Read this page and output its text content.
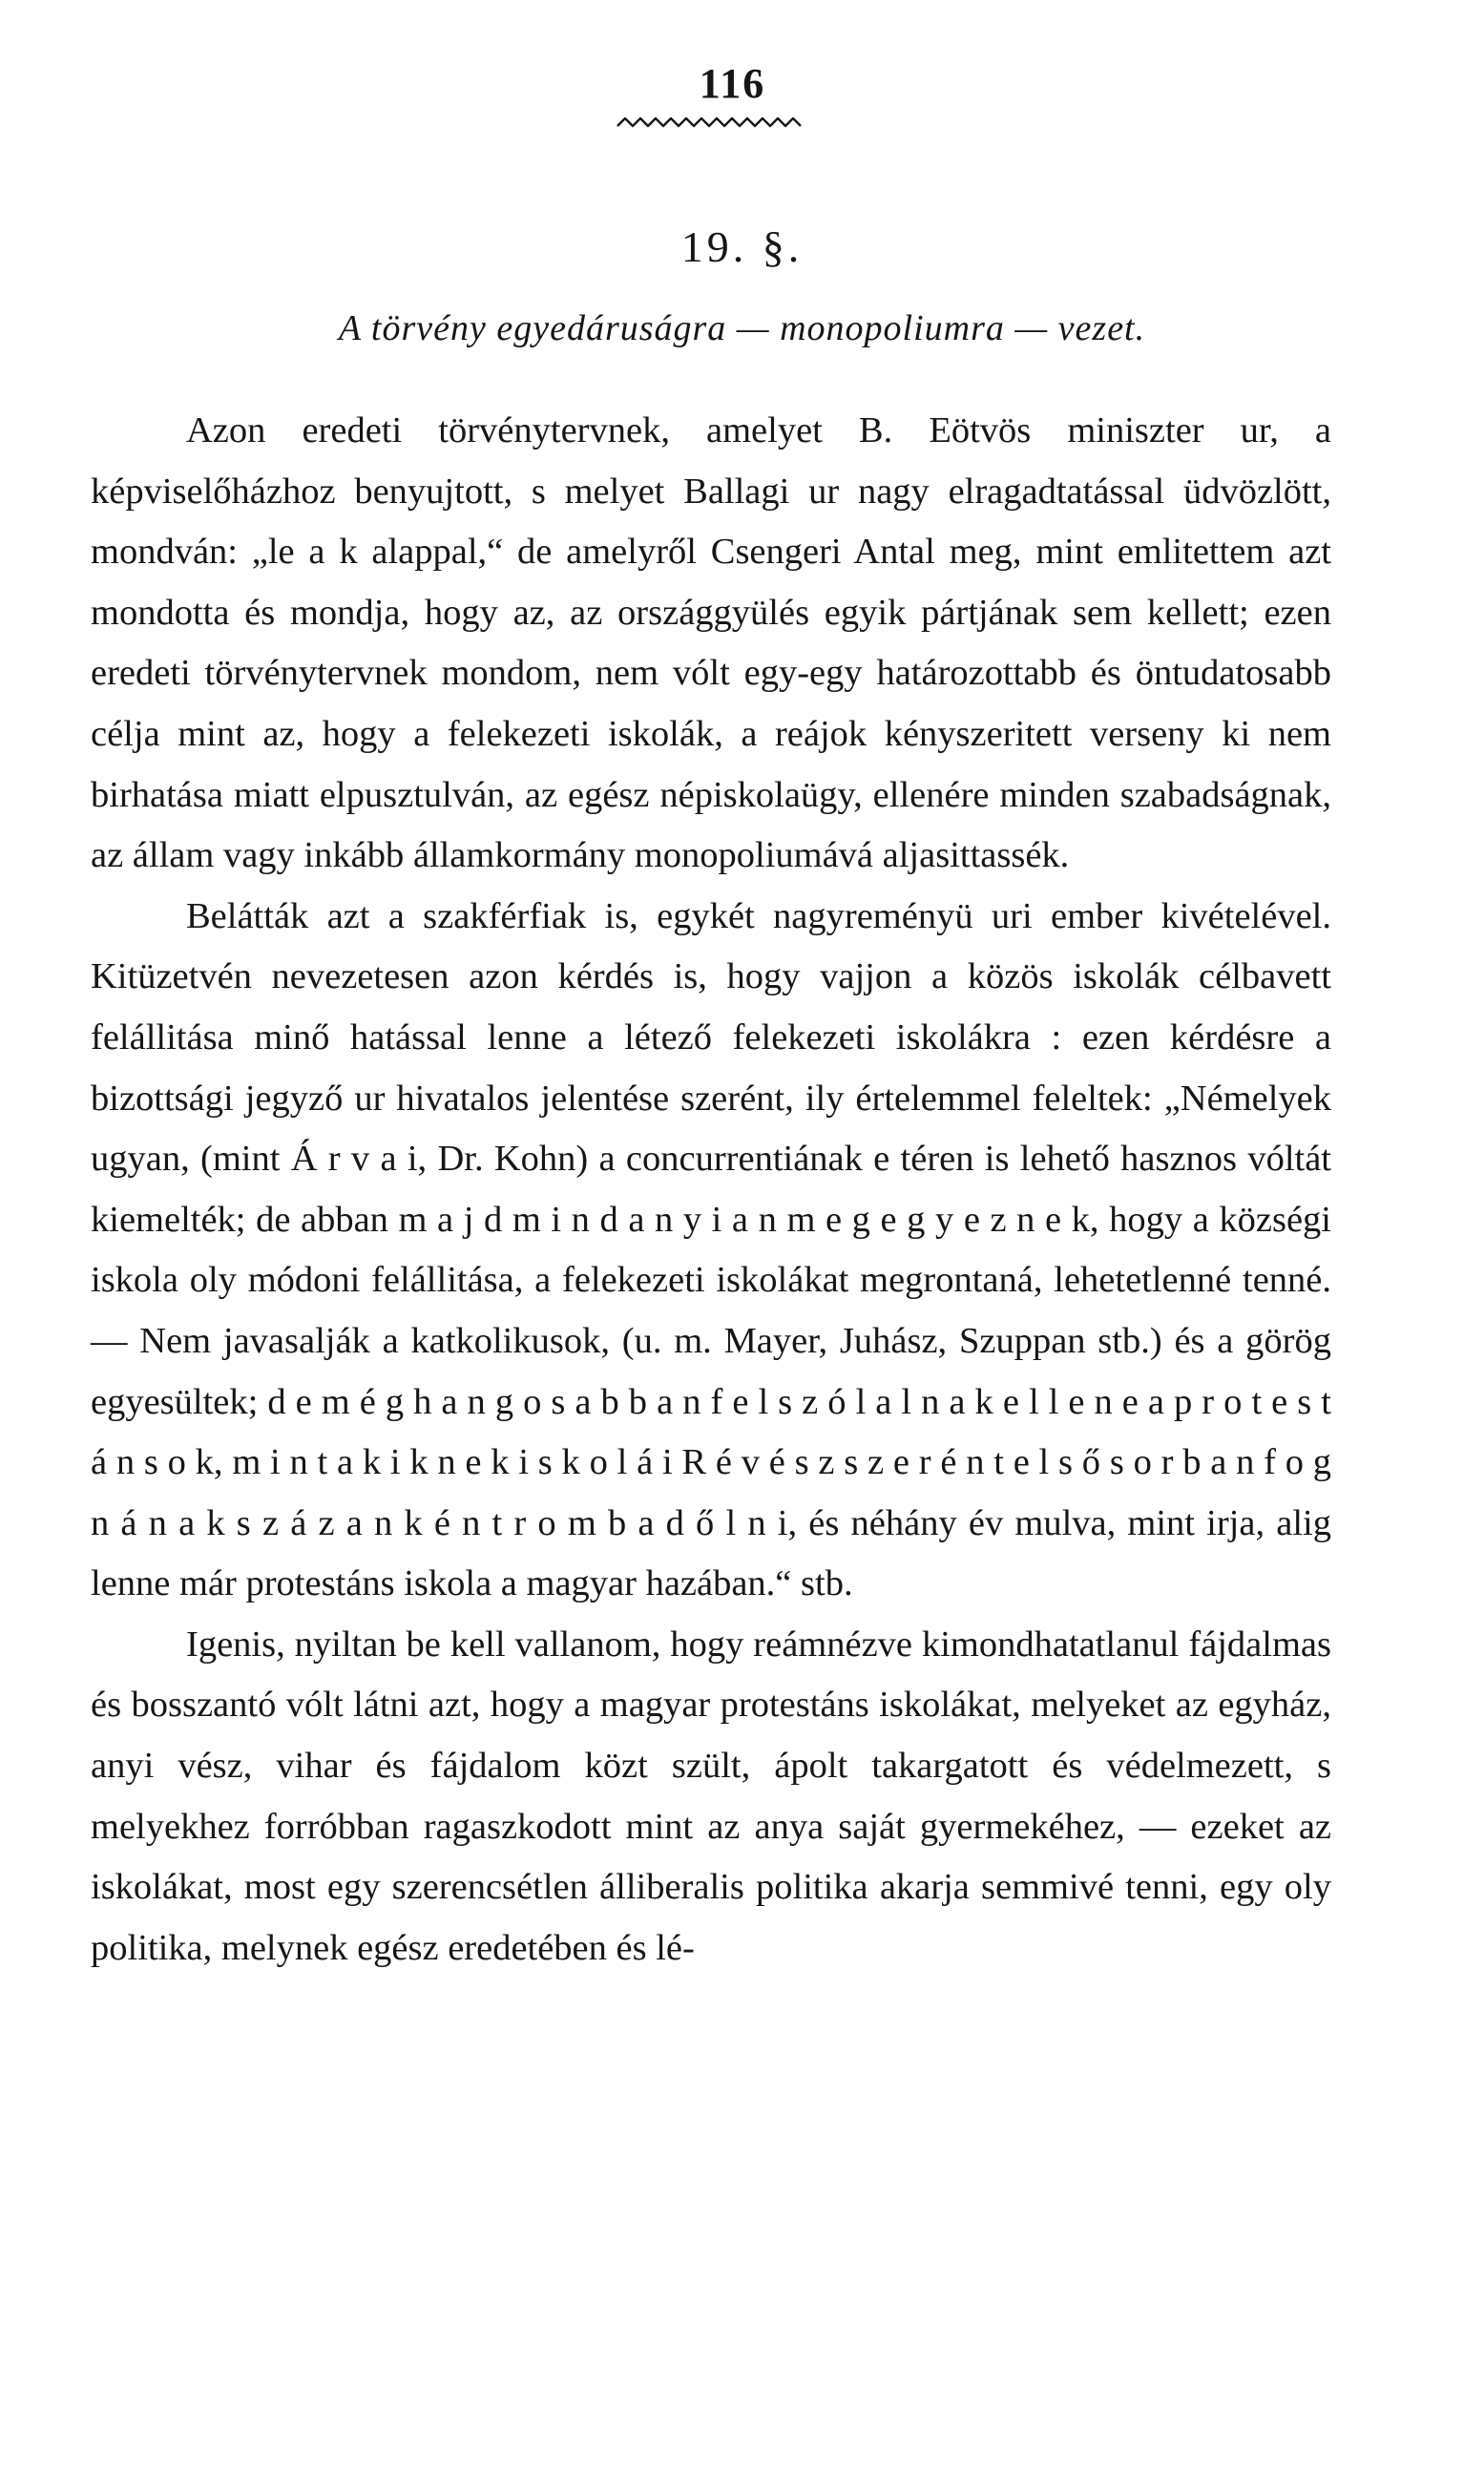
116
19. §.
A törvény egyedáruságra — monopoliumra — vezet.

Azon eredeti törvénytervnek, amelyet B. Eötvös miniszter ur, a képviselőházhoz benyujtott, s melyet Ballagi ur nagy elragadtatással üdvözlött, mondván: „le a k alappal,“ de amelyről Csengeri Antal meg, mint emlitettem azt mondotta és mondja, hogy az, az országgyülés egyik pártjának sem kellett; ezen eredeti törvénytervnek mondom, nem vólt egy-egy határozottabb és öntudatosabb célja mint az, hogy a felekezeti iskolák, a reájok kényszeritett verseny ki nem birhatása miatt elpusztulván, az egész népiskolaügy, ellenére minden szabadságnak, az állam vagy inkább államkormány monopoliumává aljasittassék.

Belátták azt a szakférfiak is, egykét nagyreményü uri ember kivételével. Kitüzetvén nevezetesen azon kérdés is, hogy vajjon a közös iskolák célbavett felállitása minő hatással lenne a létező felekezeti iskolákra : ezen kérdésre a bizottsági jegyző ur hivatalos jelentése szerént, ily értelemmel feleltek: „Némelyek ugyan, (mint Á r v a i, Dr. Kohn) a concurrentiának e téren is lehető hasznos vóltát kiemelték; de abban m a j d m i n d a n y i a n m e g e g y e z n e k, hogy a községi iskola oly módoni felállitása, a felekezeti iskolákat megrontaná, lehetetlenné tenné. — Nem javasalják a katkolikusok, (u. m. Mayer, Juhász, Szuppan stb.) és a görög egyesültek; d e m é g h a n g o s a b b a n f e l s z ó l a l n a k e l l e n e a p r o t e s t á n s o k, m i n t a k i k n e k i s k o l á i R é v é s z s z e r é n t e l s ő s o r b a n f o g n á n a k s z á z a n k é n t r o m b a d ő l n i, és néhány év mulva, mint irja, alig lenne már protestáns iskola a magyar hazában.“ stb.

Igenis, nyiltan be kell vallanom, hogy reámnézve kimondhatatlanul fájdalmas és bosszantó vólt látni azt, hogy a magyar protestáns iskolákat, melyeket az egyház, anyi vész, vihar és fájdalom közt szült, ápolt takargatott és védelmezett, s melyekhez forróbban ragaszkodott mint az anya saját gyermekéhez, — ezeket az iskolákat, most egy szerencsétlen álliberalis politika akarja semmivé tenni, egy oly politika, melynek egész eredetében és lé-
